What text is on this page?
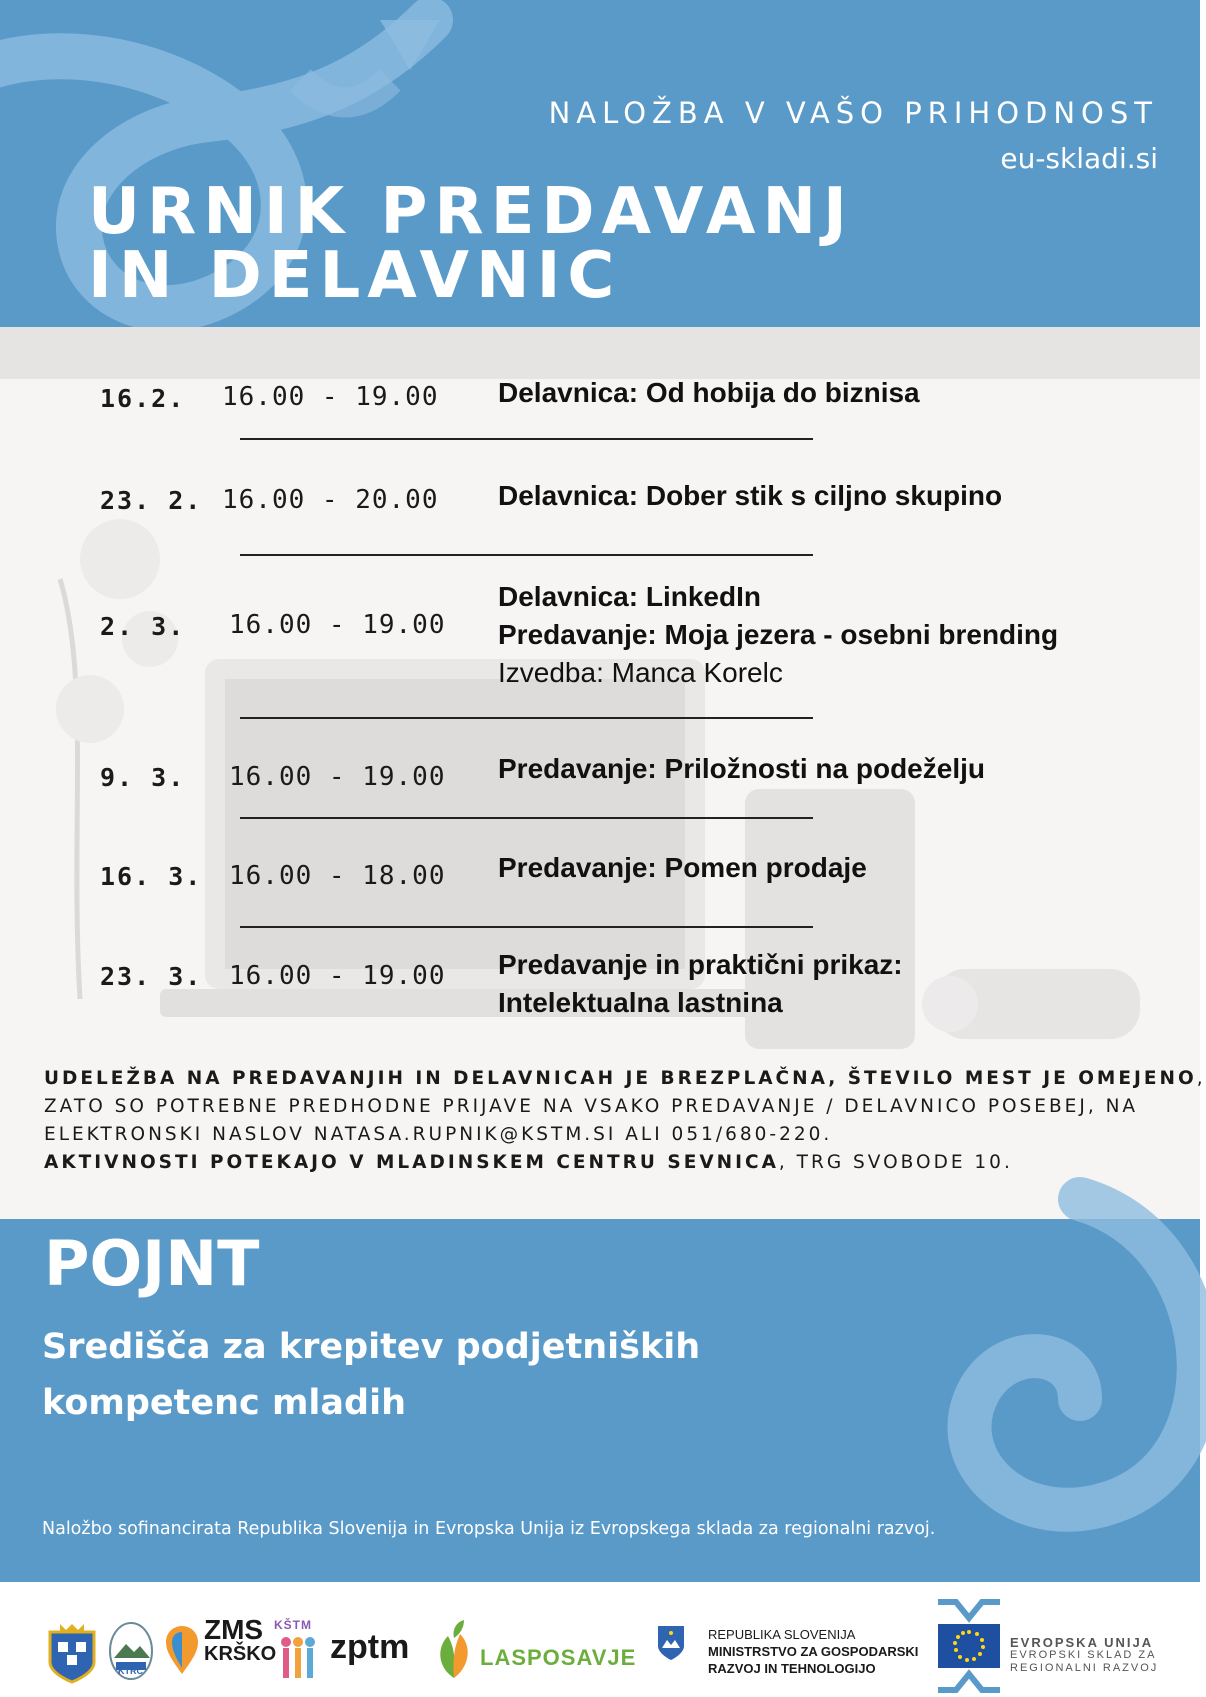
NALOŽBA V VAŠO PRIHODNOST
eu-skladi.si
URNIK PREDAVANJ
IN DELAVNIC
16.2. 16.00 - 19.00 Delavnica: Od hobija do biznisa
23. 2. 16.00 - 20.00 Delavnica: Dober stik s ciljno skupino
2. 3. 16.00 - 19.00
Delavnica: LinkedIn
Predavanje: Moja jezera - osebni brending
Izvedba: Manca Korelc
9. 3. 16.00 - 19.00 Predavanje: Priložnosti na podeželju
16. 3. 16.00 - 18.00 Predavanje: Pomen prodaje
23. 3. 16.00 - 19.00 Predavanje in praktični prikaz:
Intelektualna lastnina
UDELEŽBA NA PREDAVANJIH IN DELAVNICAH JE BREZPLAČNA, ŠTEVILO MEST JE OMEJENO,
ZATO SO POTREBNE PREDHODNE PRIJAVE NA VSAKO PREDAVANJE / DELAVNICO POSEBEJ, NA
ELEKTRONSKI NASLOV NATASA.RUPNIK@KSTM.SI ALI 051/680-220.
AKTIVNOSTI POTEKAJO V MLADINSKEM CENTRU SEVNICA, TRG SVOBODE 10.
POJNT
Središča za krepitev podjetniških
kompetenc mladih
Naložbo sofinancirata Republika Slovenija in Evropska Unija iz Evropskega sklada za regionalni razvoj.
KTRC
ZMS
KRŠKO
KŠTM
zptm	LASPOSAVJE
REPUBLIKA SLOVENIJA
MINISTRSTVO ZA GOSPODARSKI
RAZVOJ IN TEHNOLOGIJO
EVROPSKA UNIJA
EVROPSKI SKLAD ZA
REGIONALNI RAZVOJ
